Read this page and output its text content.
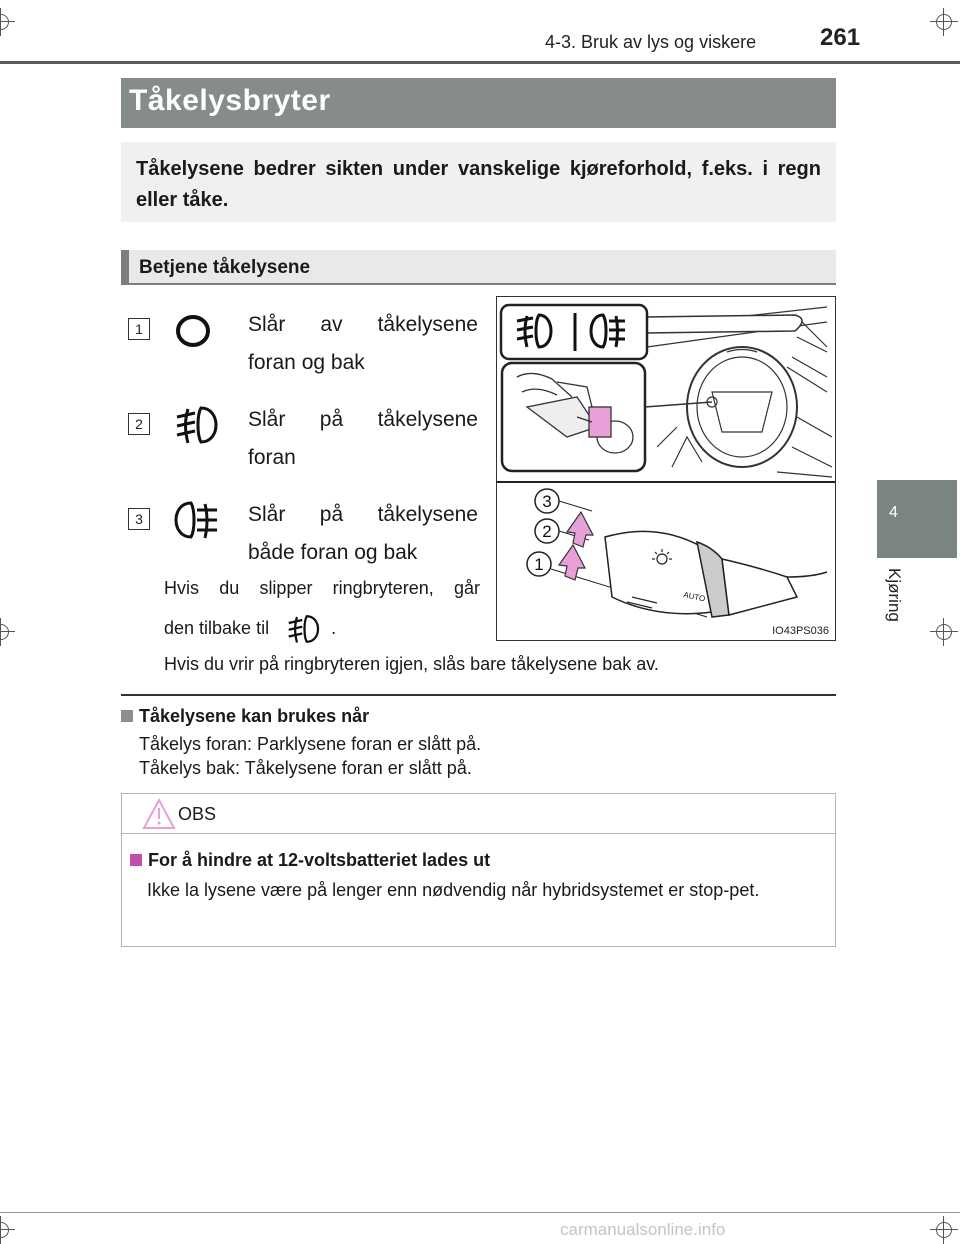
4-3. Bruk av lys og viskere	261
4
Kjøring
Tåkelysbryter

Tåkelysene bedrer sikten under vanskelige kjøreforhold, f.eks. i regn eller tåke.

Betjene tåkelysene
1	Slår av tåkelysene
foran og bak
2	Slår på tåkelysene
foran
3	Slår på tåkelysene
både foran og bak
Hvis du slipper ringbryteren, går
den tilbake til	.
Hvis du vrir på ringbryteren igjen, slås bare tåkelysene bak av.
3
2
1
AUTO
IO43PS036
Tåkelysene kan brukes når
Tåkelys foran: Parklysene foran er slått på.
Tåkelys bak: Tåkelysene foran er slått på.
OBS
For å hindre at 12-voltsbatteriet lades ut
Ikke la lysene være på lenger enn nødvendig når hybridsystemet er stop-pet.
carmanualsonline.info
